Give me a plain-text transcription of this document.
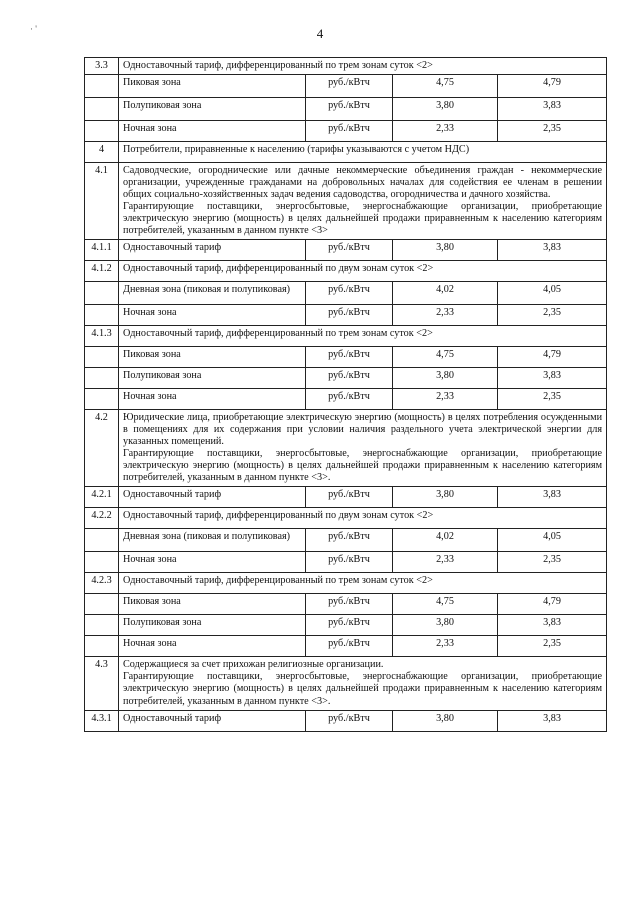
· '	4
3.3	Одноставочный тариф, дифференцированный по трем зонам суток <2>			
	Пиковая зона	руб./кВтч	4,75	4,79
	Полупиковая зона	руб./кВтч	3,80	3,83
	Ночная зона	руб./кВтч	2,33	2,35
4	Потребители, приравненные к населению (тарифы указываются с учетом НДС)			
4.1	Садоводческие, огороднические или дачные некоммерческие объединения граждан - некоммерческие организации, учрежденные гражданами на добровольных началах для содействия ее членам в решении общих социально-хозяйственных задач ведения садоводства, огородничества и дачного хозяйства.
Гарантирующие поставщики, энергосбытовые, энергоснабжающие организации, приобретающие электрическую энергию (мощность) в целях дальнейшей продажи приравненным к населению категориям потребителей, указанным в данном пункте <3>			

4.1.1	Одноставочный тариф	руб./кВтч	3,80	3,83
4.1.2	Одноставочный тариф, дифференцированный по двум зонам суток <2>			
	Дневная зона (пиковая и полупиковая)	руб./кВтч	4,02	4,05
	Ночная зона	руб./кВтч	2,33	2,35
4.1.3	Одноставочный тариф, дифференцированный по трем зонам суток <2>			
	Пиковая зона	руб./кВтч	4,75	4,79
	Полупиковая зона	руб./кВтч	3,80	3,83
	Ночная зона	руб./кВтч	2,33	2,35
4.2	Юридические лица, приобретающие электрическую энергию (мощность) в целях потребления осужденными в помещениях для их содержания при условии наличия раздельного учета электрической энергии для указанных помещений.
Гарантирующие поставщики, энергосбытовые, энергоснабжающие организации, приобретающие электрическую энергию (мощность) в целях дальнейшей продажи приравненным к населению категориям потребителей, указанным в данном пункте <3>.			

4.2.1	Одноставочный тариф	руб./кВтч	3,80	3,83
4.2.2	Одноставочный тариф, дифференцированный по двум зонам суток <2>			
	Дневная зона (пиковая и полупиковая)	руб./кВтч	4,02	4,05
	Ночная зона	руб./кВтч	2,33	2,35
4.2.3	Одноставочный тариф, дифференцированный по трем зонам суток <2>			
	Пиковая зона	руб./кВтч	4,75	4,79
	Полупиковая зона	руб./кВтч	3,80	3,83
	Ночная зона	руб./кВтч	2,33	2,35
4.3	Содержащиеся за счет прихожан религиозные организации.
Гарантирующие поставщики, энергосбытовые, энергоснабжающие организации, приобретающие электрическую энергию (мощность) в целях дальнейшей продажи приравненным к населению категориям потребителей, указанным в данном пункте <3>.			

4.3.1	Одноставочный тариф	руб./кВтч	3,80	3,83
